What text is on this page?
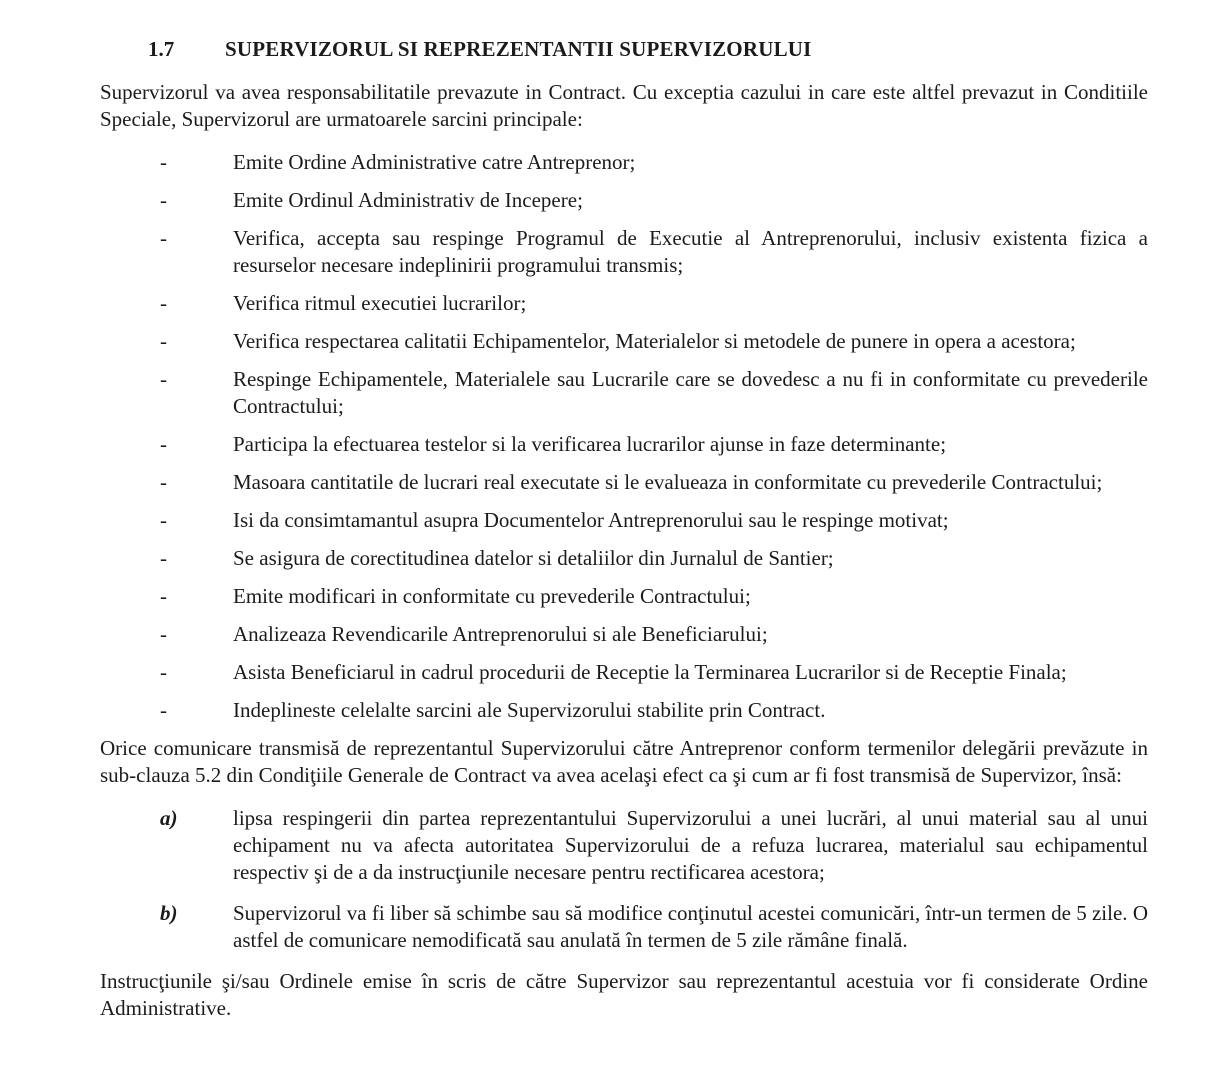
1.7 SUPERVIZORUL SI REPREZENTANTII SUPERVIZORULUI

Supervizorul va avea responsabilitatile prevazute in Contract. Cu exceptia cazului in care este altfel prevazut in Conditiile Speciale, Supervizorul are urmatoarele sarcini principale:

-	Emite Ordine Administrative catre Antreprenor;
-	Emite Ordinul Administrativ de Incepere;
-	Verifica, accepta sau respinge Programul de Executie al Antreprenorului, inclusiv existenta fizica a resurselor necesare indeplinirii programului transmis;
-	Verifica ritmul executiei lucrarilor;
-	Verifica respectarea calitatii Echipamentelor, Materialelor si metodele de punere in opera a acestora;
-	Respinge Echipamentele, Materialele sau Lucrarile care se dovedesc a nu fi in conformitate cu prevederile Contractului;
-	Participa la efectuarea testelor si la verificarea lucrarilor ajunse in faze determinante;
-	Masoara cantitatile de lucrari real executate si le evalueaza in conformitate cu prevederile Contractului;
-	Isi da consimtamantul asupra Documentelor Antreprenorului sau le respinge motivat;
-	Se asigura de corectitudinea datelor si detaliilor din Jurnalul de Santier;
-	Emite modificari in conformitate cu prevederile Contractului;
-	Analizeaza Revendicarile Antreprenorului si ale Beneficiarului;
-	Asista Beneficiarul in cadrul procedurii de Receptie la Terminarea Lucrarilor si de Receptie Finala;
-	Indeplineste celelalte sarcini ale Supervizorului stabilite prin Contract.

Orice comunicare transmisă de reprezentantul Supervizorului către Antreprenor conform termenilor delegării prevăzute in sub-clauza 5.2 din Condiţiile Generale de Contract va avea acelaşi efect ca şi cum ar fi fost transmisă de Supervizor, însă:

a)	lipsa respingerii din partea reprezentantului Supervizorului a unei lucrări, al unui material sau al unui echipament nu va afecta autoritatea Supervizorului de a refuza lucrarea, materialul sau echipamentul respectiv şi de a da instrucţiunile necesare pentru rectificarea acestora;
b)	Supervizorul va fi liber să schimbe sau să modifice conţinutul acestei comunicări, într-un termen de 5 zile. O astfel de comunicare nemodificată sau anulată în termen de 5 zile rămâne finală.

Instrucţiunile şi/sau Ordinele emise în scris de către Supervizor sau reprezentantul acestuia vor fi considerate Ordine Administrative.
